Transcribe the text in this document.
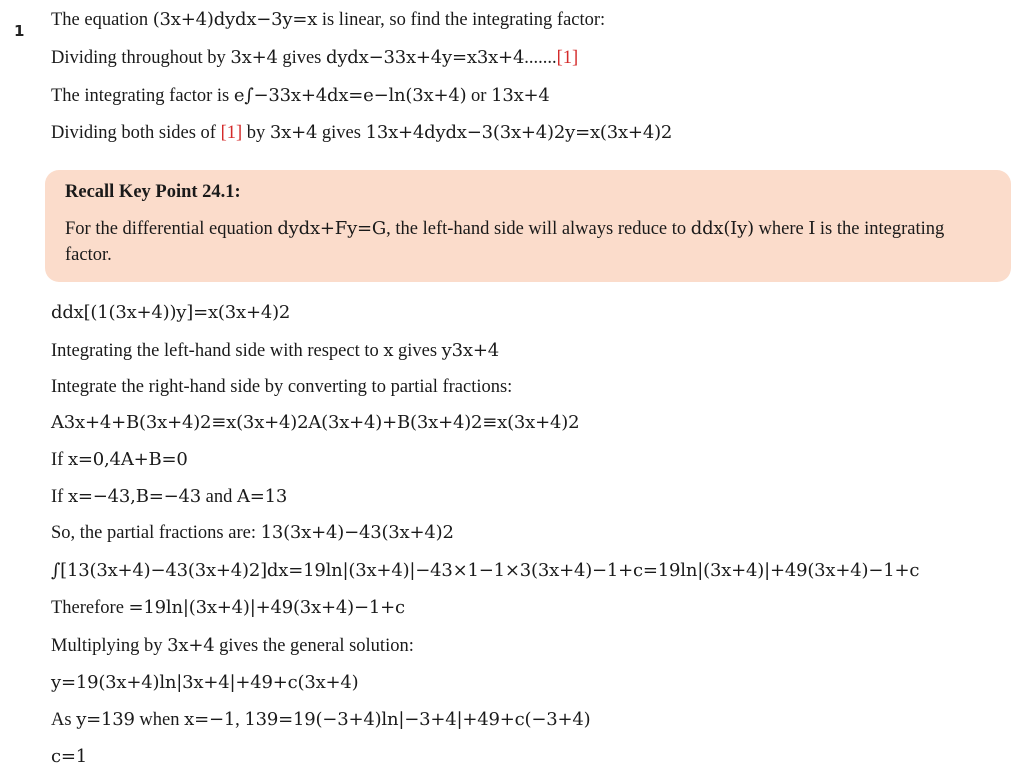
1
The equation (3x+4)dydx−3y=x is linear, so find the integrating factor:
Dividing throughout by 3x+4 gives dydx−33x+4y=x3x+4.......[1]
The integrating factor is e∫−33x+4dx=e−ln(3x+4) or 13x+4
Dividing both sides of [1] by 3x+4 gives 13x+4dydx−3(3x+4)2y=x(3x+4)2
Recall Key Point 24.1:
For the differential equation dydx+Fy=G, the left-hand side will always reduce to ddx(Iy) where I is the integrating factor.
ddx[(1(3x+4))y]=x(3x+4)2
Integrating the left-hand side with respect to x gives y3x+4
Integrate the right-hand side by converting to partial fractions:
A3x+4+B(3x+4)2≡x(3x+4)2A(3x+4)+B(3x+4)2≡x(3x+4)2
If x=0,4A+B=0
If x=−43,B=−43 and A=13
So, the partial fractions are: 13(3x+4)−43(3x+4)2
∫[13(3x+4)−43(3x+4)2]dx=19ln|(3x+4)|−43×1−1×3(3x+4)−1+c=19ln|(3x+4)|+49(3x+4)−1+c
Therefore =19ln|(3x+4)|+49(3x+4)−1+c
Multiplying by 3x+4 gives the general solution:
y=19(3x+4)ln|3x+4|+49+c(3x+4)
As y=139 when x=−1, 139=19(−3+4)ln|−3+4|+49+c(−3+4)
c=1
